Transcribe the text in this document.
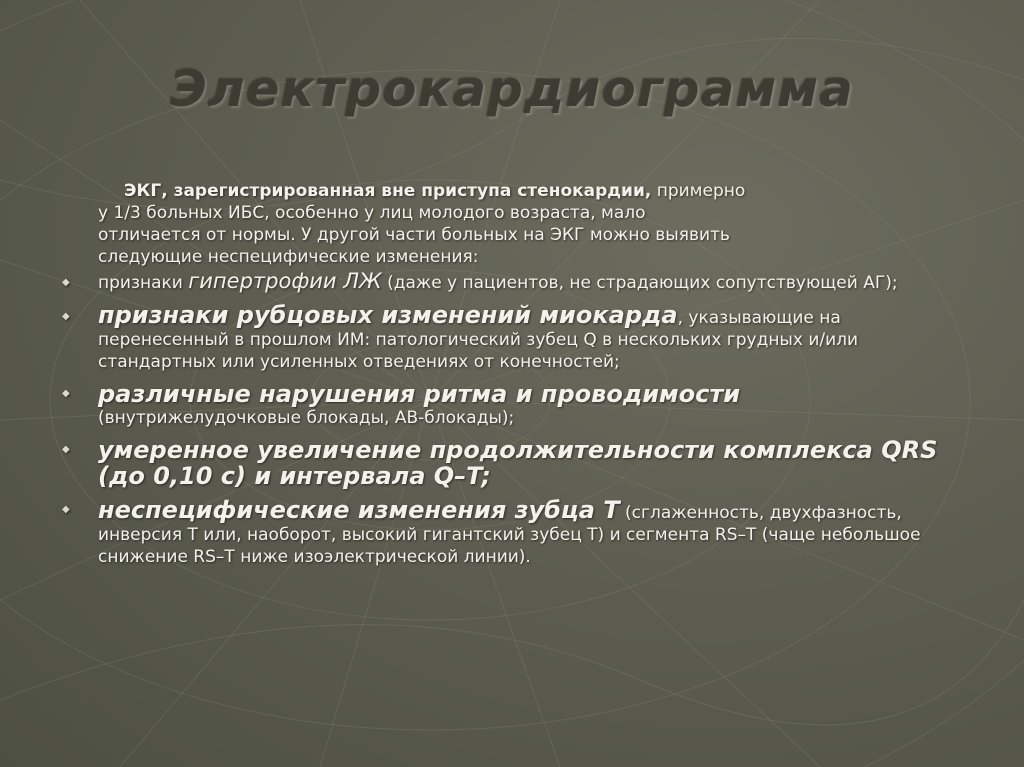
Электрокардиограмма
ЭКГ, зарегистрированная вне приступа стенокардии, примерно
у 1/3 больных ИБС, особенно у лиц молодого возраста, мало
отличается от нормы. У другой части больных на ЭКГ можно выявить
следующие неспецифические изменения:
◆ признаки гипертрофии ЛЖ (даже у пациентов, не страдающих сопутствующей АГ);
◆ признаки рубцовых изменений миокарда, указывающие на перенесенный в прошлом ИМ: патологический зубец Q в нескольких грудных и/или стандартных или усиленных отведениях от конечностей;
◆ различные нарушения ритма и проводимости
(внутрижелудочковые блокады, АВ-блокады);
◆ умеренное увеличение продолжительности комплекса QRS (до 0,10 с) и интервала Q–T;
◆ неспецифические изменения зубца T (сглаженность, двухфазность, инверсия T или, наоборот, высокий гигантский зубец T) и сегмента RS–T (чаще небольшое снижение RS–T ниже изоэлектрической линии).
